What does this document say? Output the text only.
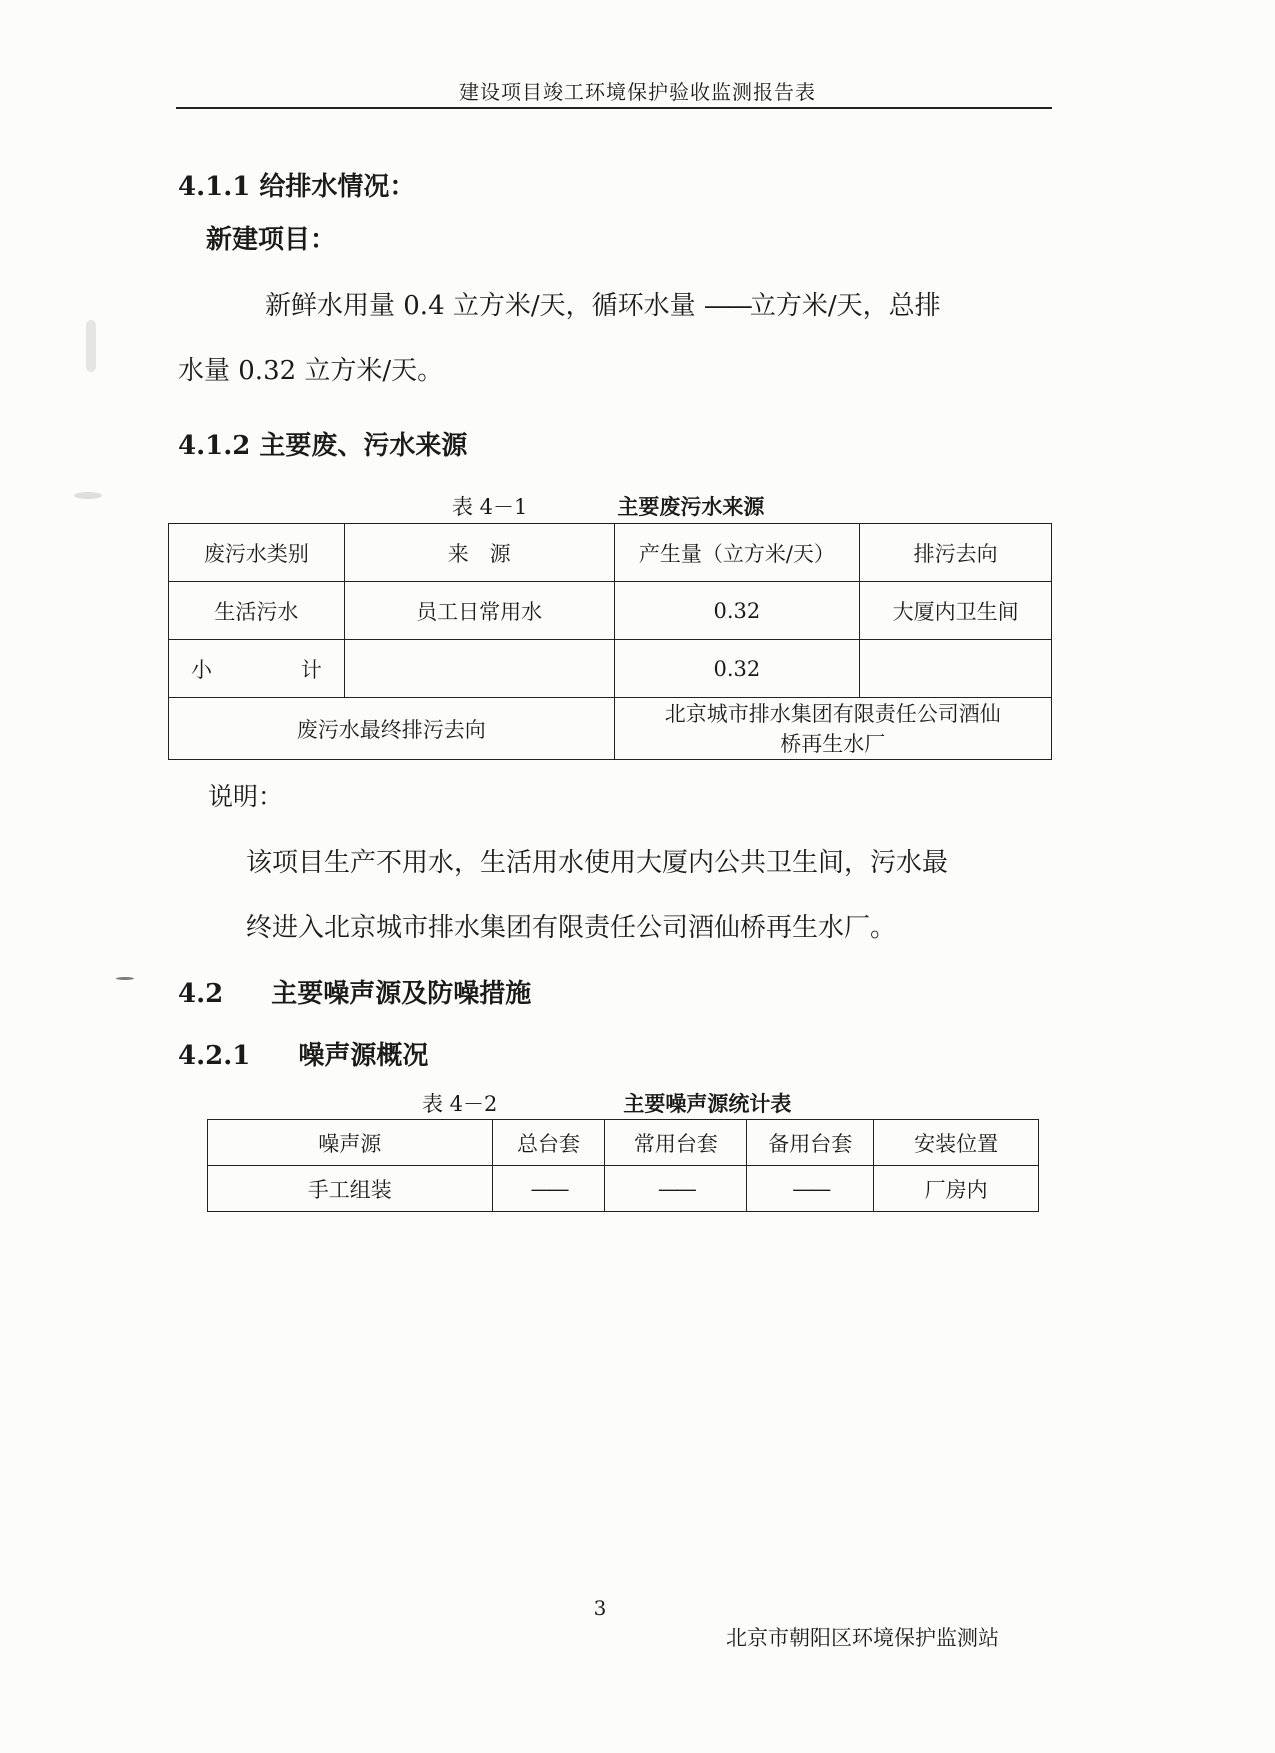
建设项目竣工环境保护验收监测报告表
4.1.1 给排水情况：
新建项目：
新鲜水用量 0.4 立方米/天，循环水量 ——立方米/天，总排
水量 0.32 立方米/天。
4.1.2 主要废、污水来源
表 4－1	主要废污水来源
废污水类别	来　源	产生量（立方米/天）	排污去向
生活污水	员工日常用水	0.32	大厦内卫生间

小 计		0.32	
废污水最终排污去向		北京城市排水集团有限责任公司酒仙
桥再生水厂	
说明：
该项目生产不用水，生活用水使用大厦内公共卫生间，污水最
终进入北京城市排水集团有限责任公司酒仙桥再生水厂。
4.2 主要噪声源及防噪措施
4.2.1 噪声源概况
表 4－2	主要噪声源统计表
噪声源	总台套	常用台套	备用台套	安装位置
手工组装	——	——	——	厂房内
3
北京市朝阳区环境保护监测站
